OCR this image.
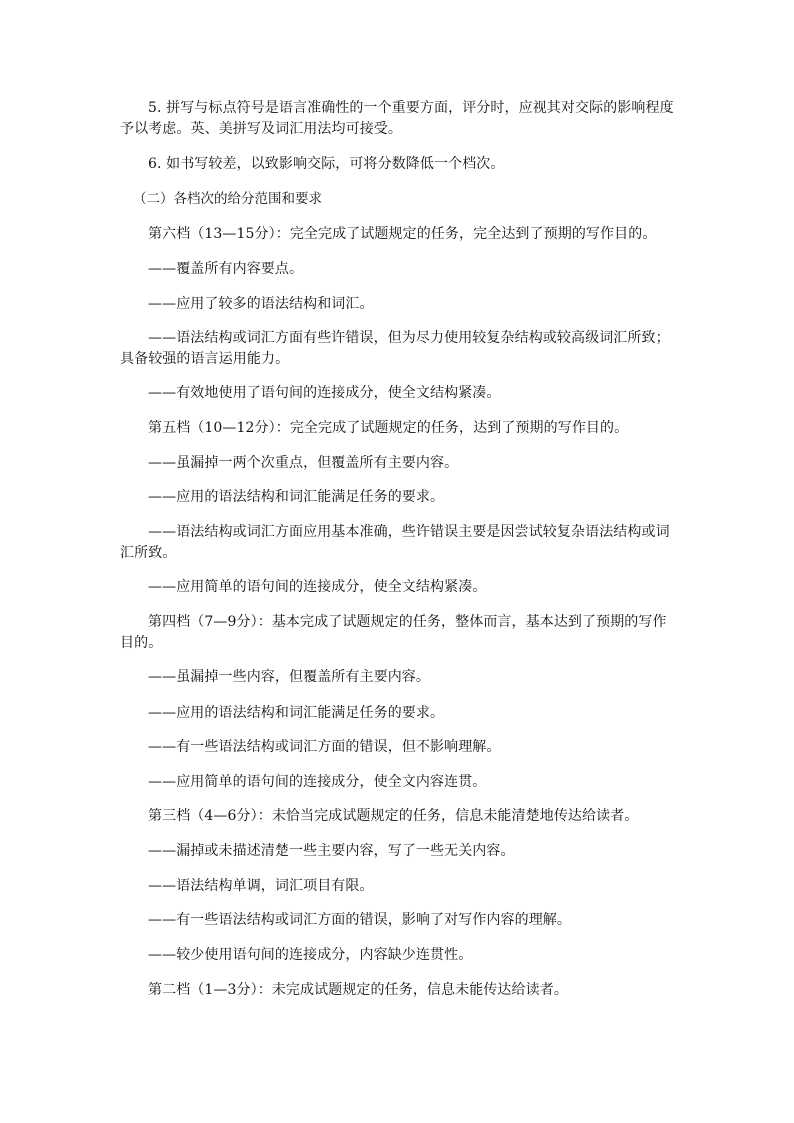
5. 拼写与标点符号是语言准确性的一个重要方面，评分时，应视其对交际的影响程度予以考虑。英、美拼写及词汇用法均可接受。
6. 如书写较差，以致影响交际，可将分数降低一个档次。
（二）各档次的给分范围和要求
第六档（13—15分）：完全完成了试题规定的任务，完全达到了预期的写作目的。
——覆盖所有内容要点。
——应用了较多的语法结构和词汇。
——语法结构或词汇方面有些许错误，但为尽力使用较复杂结构或较高级词汇所致；具备较强的语言运用能力。
——有效地使用了语句间的连接成分，使全文结构紧凑。
第五档（10—12分）：完全完成了试题规定的任务，达到了预期的写作目的。
——虽漏掉一两个次重点，但覆盖所有主要内容。
——应用的语法结构和词汇能满足任务的要求。
——语法结构或词汇方面应用基本准确，些许错误主要是因尝试较复杂语法结构或词汇所致。
——应用简单的语句间的连接成分，使全文结构紧凑。
第四档（7—9分）：基本完成了试题规定的任务，整体而言，基本达到了预期的写作目的。
——虽漏掉一些内容，但覆盖所有主要内容。
——应用的语法结构和词汇能满足任务的要求。
——有一些语法结构或词汇方面的错误，但不影响理解。
——应用简单的语句间的连接成分，使全文内容连贯。
第三档（4—6分）：未恰当完成试题规定的任务，信息未能清楚地传达给读者。
——漏掉或未描述清楚一些主要内容，写了一些无关内容。
——语法结构单调，词汇项目有限。
——有一些语法结构或词汇方面的错误，影响了对写作内容的理解。
——较少使用语句间的连接成分，内容缺少连贯性。
第二档（1—3分）：未完成试题规定的任务，信息未能传达给读者。
